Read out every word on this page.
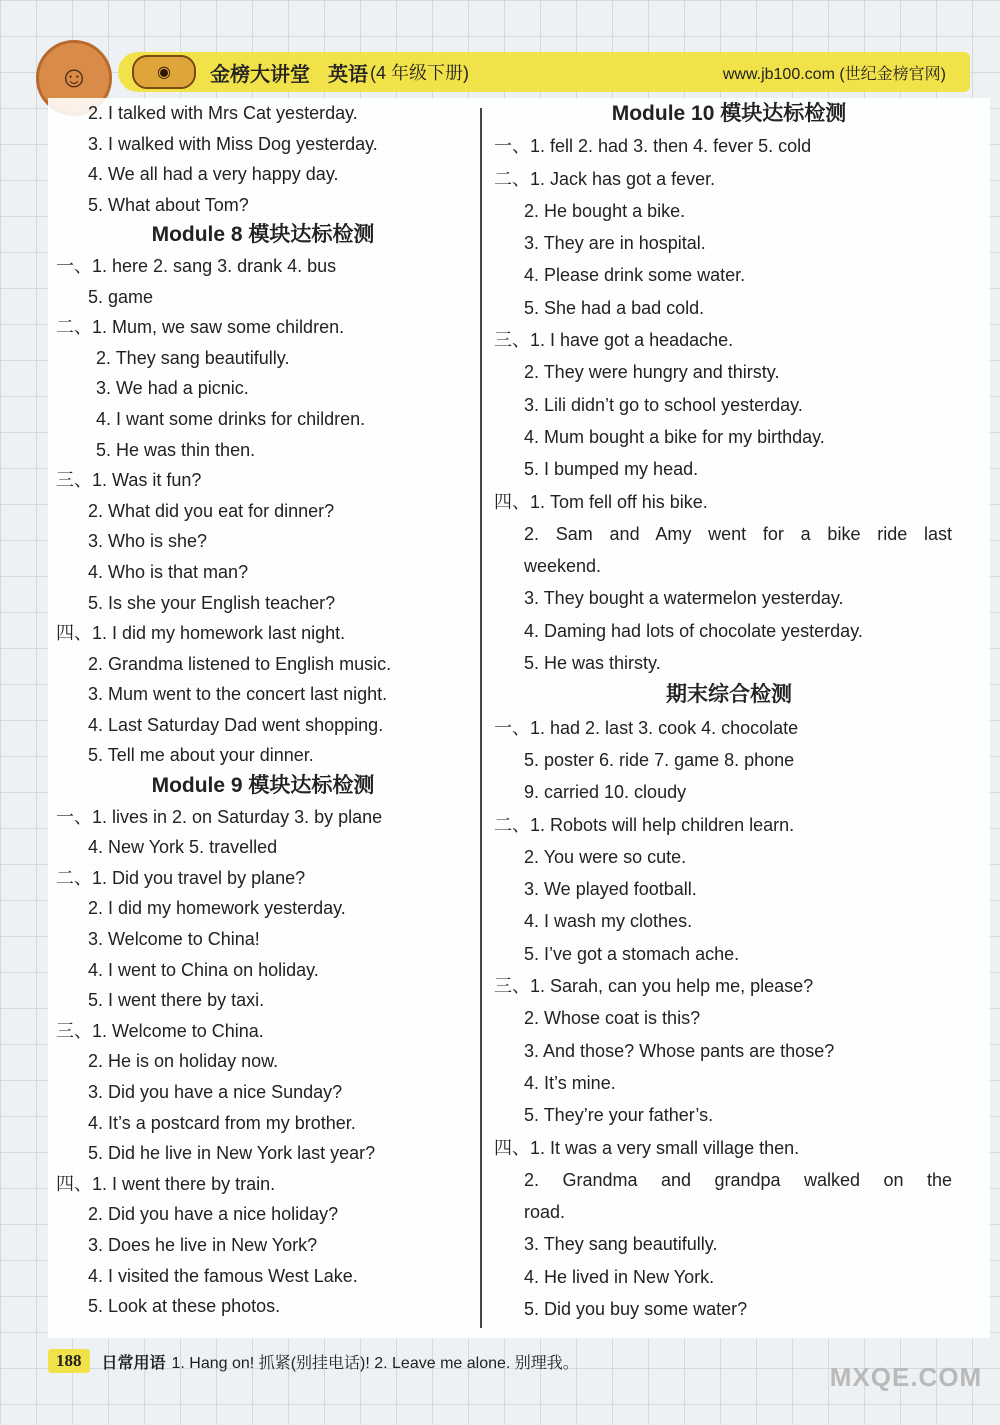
☺	◉	金榜大讲堂 英语 (4 年级下册)	www.jb100.com (世纪金榜官网)
2. I talked with Mrs Cat yesterday.
3. I walked with Miss Dog yesterday.
4. We all had a very happy day.
5. What about Tom?
Module 8 模块达标检测
一、1. here 2. sang 3. drank 4. bus
5. game
二、1. Mum, we saw some children.
2. They sang beautifully.
3. We had a picnic.
4. I want some drinks for children.
5. He was thin then.
三、1. Was it fun?
2. What did you eat for dinner?
3. Who is she?
4. Who is that man?
5. Is she your English teacher?
四、1. I did my homework last night.
2. Grandma listened to English music.
3. Mum went to the concert last night.
4. Last Saturday Dad went shopping.
5. Tell me about your dinner.
Module 9 模块达标检测
一、1. lives in 2. on Saturday 3. by plane
4. New York 5. travelled
二、1. Did you travel by plane?
2. I did my homework yesterday.
3. Welcome to China!
4. I went to China on holiday.
5. I went there by taxi.
三、1. Welcome to China.
2. He is on holiday now.
3. Did you have a nice Sunday?
4. It’s a postcard from my brother.
5. Did he live in New York last year?
四、1. I went there by train.
2. Did you have a nice holiday?
3. Does he live in New York?
4. I visited the famous West Lake.
5. Look at these photos.
Module 10 模块达标检测
一、1. fell 2. had 3. then 4. fever 5. cold
二、1. Jack has got a fever.
2. He bought a bike.
3. They are in hospital.
4. Please drink some water.
5. She had a bad cold.
三、1. I have got a headache.
2. They were hungry and thirsty.
3. Lili didn’t go to school yesterday.
4. Mum bought a bike for my birthday.
5. I bumped my head.
四、1. Tom fell off his bike.
2. Sam and Amy went for a bike ride last
weekend.
3. They bought a watermelon yesterday.
4. Daming had lots of chocolate yesterday.
5. He was thirsty.
期末综合检测
一、1. had 2. last 3. cook 4. chocolate
5. poster 6. ride 7. game 8. phone
9. carried 10. cloudy
二、1. Robots will help children learn.
2. You were so cute.
3. We played football.
4. I wash my clothes.
5. I’ve got a stomach ache.
三、1. Sarah, can you help me, please?
2. Whose coat is this?
3. And those? Whose pants are those?
4. It’s mine.
5. They’re your father’s.
四、1. It was a very small village then.
2. Grandma and grandpa walked on the
road.
3. They sang beautifully.
4. He lived in New York.
5. Did you buy some water?
188	日常用语 1. Hang on! 抓紧(别挂电话)! 2. Leave me alone. 别理我。	MXQE.COM
